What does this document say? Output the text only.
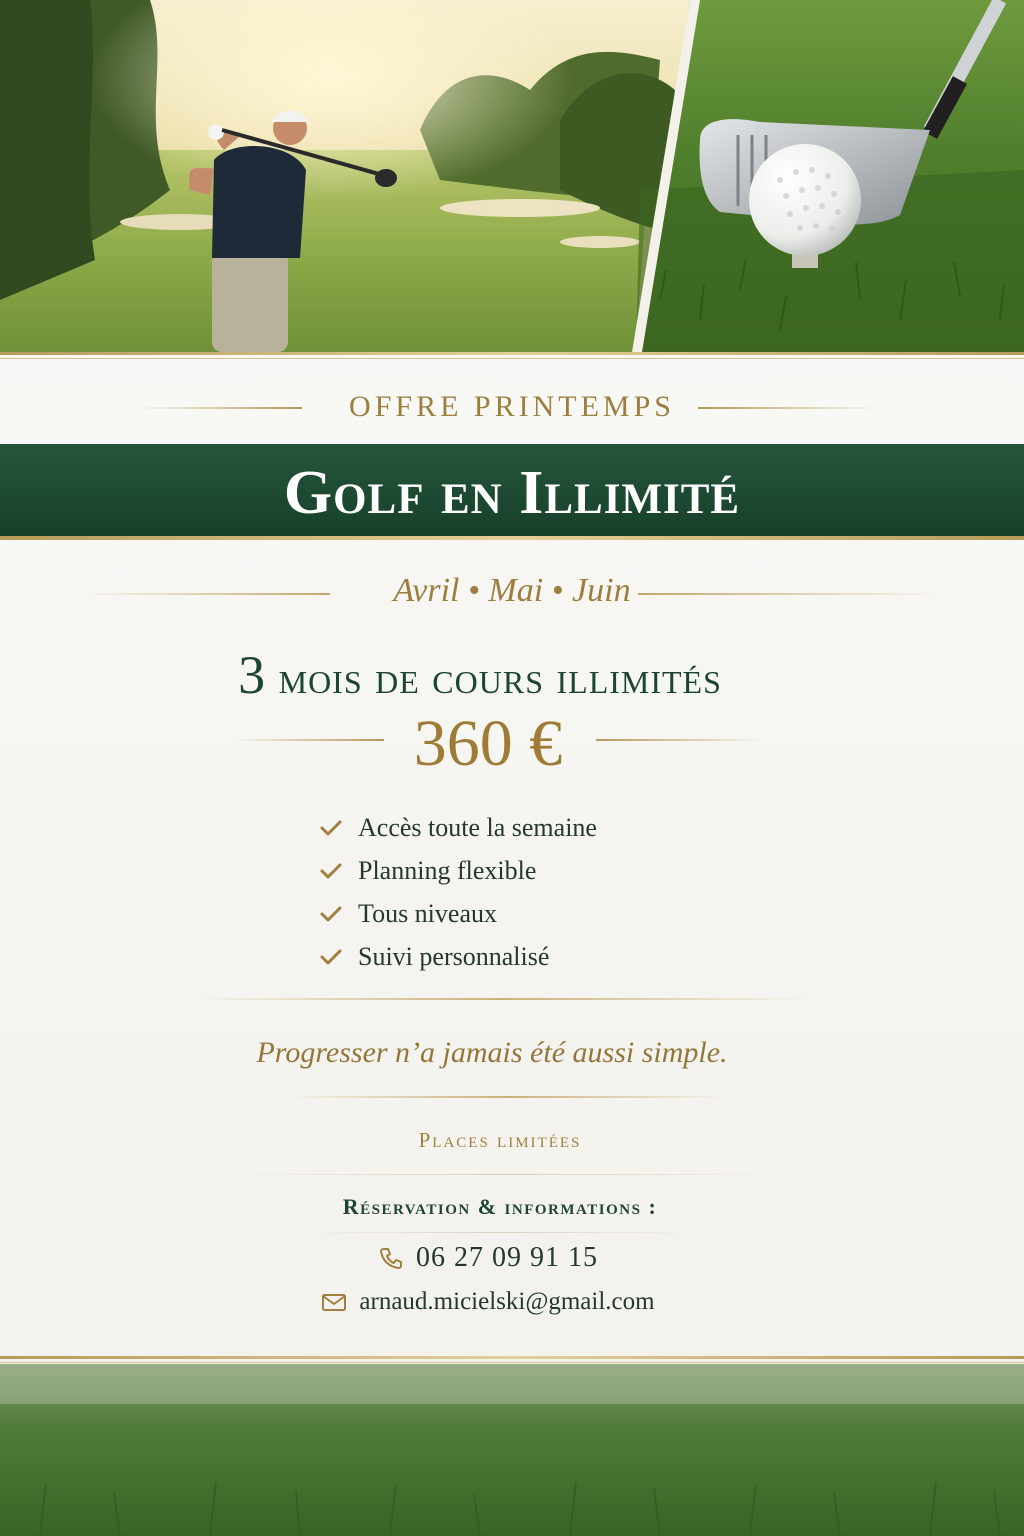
OFFRE PRINTEMPS
Golf en Illimité
Avril • Mai • Juin
3 mois de cours illimités
360 €
Accès toute la semaine
Planning flexible
Tous niveaux
Suivi personnalisé
Progresser n’a jamais été aussi simple.
Places limitées
Réservation & informations :
06 27 09 91 15
arnaud.micielski@gmail.com
